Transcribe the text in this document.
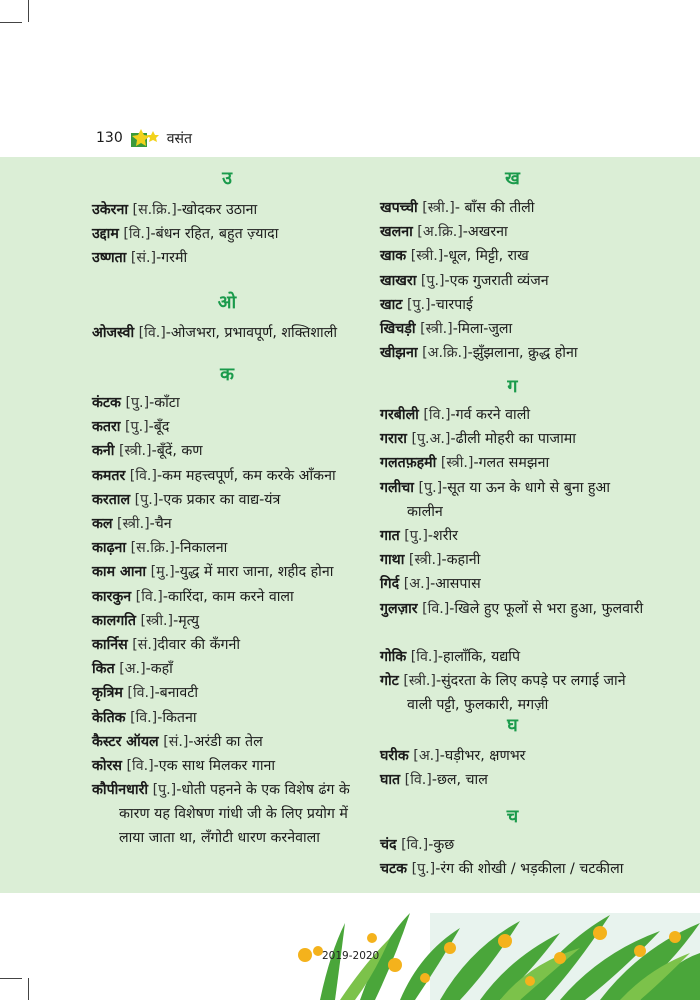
130	वसंत
उ
उकेरना [स.क्रि.]-खोदकर उठाना
उद्दाम [वि.]-बंधन रहित, बहुत ज़्यादा
उष्णता [सं.]-गरमी
ओ
ओजस्वी [वि.]-ओजभरा, प्रभावपूर्ण, शक्तिशाली
क
कंटक [पु.]-काँटा
कतरा [पु.]-बूँद
कनी [स्त्री.]-बूँदें, कण
कमतर [वि.]-कम महत्त्वपूर्ण, कम करके आँकना
करताल [पु.]-एक प्रकार का वाद्य-यंत्र
कल [स्त्री.]-चैन
काढ़ना [स.क्रि.]-निकालना
काम आना [मु.]-युद्ध में मारा जाना, शहीद होना
कारकुन [वि.]-कारिंदा, काम करने वाला
कालगति [स्त्री.]-मृत्यु
कार्निस [सं.]दीवार की कँगनी
कित [अ.]-कहाँ
कृत्रिम [वि.]-बनावटी
केतिक [वि.]-कितना
कैस्टर ऑयल [सं.]-अरंडी का तेल
कोरस [वि.]-एक साथ मिलकर गाना
कौपीनधारी [पु.]-धोती पहनने के एक विशेष ढंग के कारण यह विशेषण गांधी जी के लिए प्रयोग में लाया जाता था, लँगोटी धारण करनेवाला
ख
खपच्ची [स्त्री.]- बाँस की तीली
खलना [अ.क्रि.]-अखरना
खाक [स्त्री.]-धूल, मिट्टी, राख
खाखरा [पु.]-एक गुजराती व्यंजन
खाट [पु.]-चारपाई
खिचड़ी [स्त्री.]-मिला-जुला
खीझना [अ.क्रि.]-झुँझलाना, क्रुद्ध होना
ग
गरबीली [वि.]-गर्व करने वाली
गरारा [पु.अ.]-ढीली मोहरी का पाजामा
गलतफ़हमी [स्त्री.]-गलत समझना
गलीचा [पु.]-सूत या ऊन के धागे से बुना हुआ कालीन
गात [पु.]-शरीर
गाथा [स्त्री.]-कहानी
गिर्द [अ.]-आसपास
गुलज़ार [वि.]-खिले हुए फूलों से भरा हुआ, फुलवारी
गोकि [वि.]-हालाँकि, यद्यपि
गोट [स्त्री.]-सुंदरता के लिए कपड़े पर लगाई जाने वाली पट्टी, फुलकारी, मगज़ी
घ
घरीक [अ.]-घड़ीभर, क्षणभर
घात [वि.]-छल, चाल
च
चंद [वि.]-कुछ
चटक [पु.]-रंग की शोखी / भड़कीला / चटकीला
2019-2020
